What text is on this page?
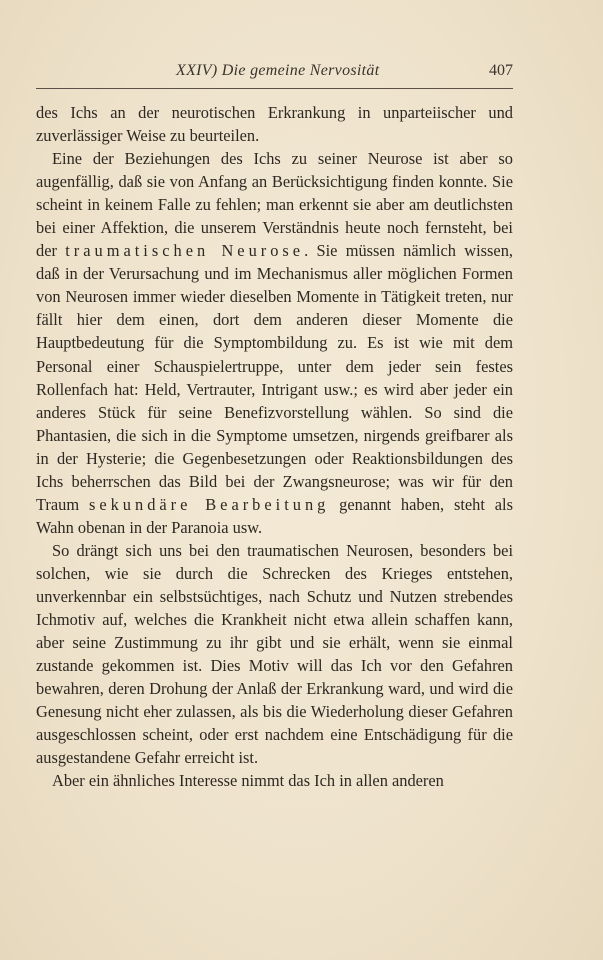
XXIV) Die gemeine Nervosität	407

des Ichs an der neurotischen Erkrankung in unparteiischer und zuverlässiger Weise zu beurteilen.

Eine der Beziehungen des Ichs zu seiner Neurose ist aber so augenfällig, daß sie von Anfang an Berücksichtigung finden konnte. Sie scheint in keinem Falle zu fehlen; man erkennt sie aber am deutlichsten bei einer Affektion, die unserem Verständnis heute noch fernsteht, bei der traumatischen Neurose. Sie müssen nämlich wissen, daß in der Verursachung und im Mechanismus aller möglichen Formen von Neurosen immer wieder dieselben Momente in Tätigkeit treten, nur fällt hier dem einen, dort dem anderen dieser Momente die Hauptbedeutung für die Symptombildung zu. Es ist wie mit dem Personal einer Schauspielertruppe, unter dem jeder sein festes Rollenfach hat: Held, Vertrauter, Intrigant usw.; es wird aber jeder ein anderes Stück für seine Benefizvorstellung wählen. So sind die Phantasien, die sich in die Symptome umsetzen, nirgends greifbarer als in der Hysterie; die Gegenbesetzungen oder Reaktionsbildungen des Ichs beherrschen das Bild bei der Zwangsneurose; was wir für den Traum sekundäre Bearbeitung genannt haben, steht als Wahn obenan in der Paranoia usw.

So drängt sich uns bei den traumatischen Neurosen, besonders bei solchen, wie sie durch die Schrecken des Krieges entstehen, unverkennbar ein selbstsüchtiges, nach Schutz und Nutzen strebendes Ichmotiv auf, welches die Krankheit nicht etwa allein schaffen kann, aber seine Zustimmung zu ihr gibt und sie erhält, wenn sie einmal zustande gekommen ist. Dies Motiv will das Ich vor den Gefahren bewahren, deren Drohung der Anlaß der Erkrankung ward, und wird die Genesung nicht eher zulassen, als bis die Wiederholung dieser Gefahren ausgeschlossen scheint, oder erst nachdem eine Entschädigung für die ausgestandene Gefahr erreicht ist.

Aber ein ähnliches Interesse nimmt das Ich in allen anderen
